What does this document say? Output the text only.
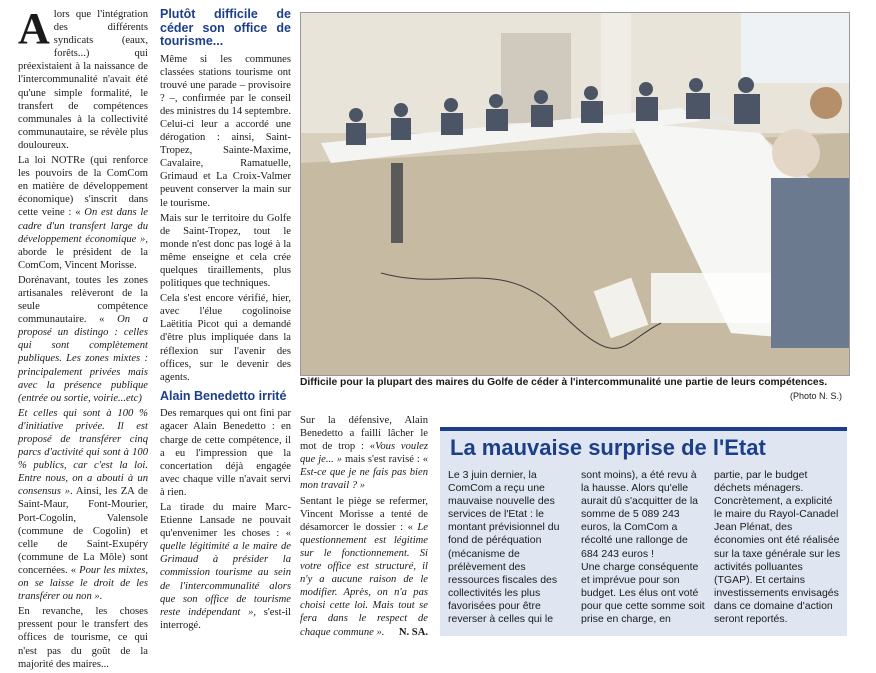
Alors que l'intégration des différents syndicats (eaux, forêts...) qui préexistaient à la naissance de l'intercommunalité n'avait été qu'une simple formalité, le transfert de compétences communales à la collectivité communautaire, se révèle plus douloureux.

La loi NOTRe (qui renforce les pouvoirs de la ComCom en matière de développement économique) s'inscrit dans cette veine : « On est dans le cadre d'un transfert large du développement économique », aborde le président de la ComCom, Vincent Morisse.

Dorénavant, toutes les zones artisanales relèveront de la seule compétence communautaire. « On a proposé un distingo : celles qui sont complètement publiques. Les zones mixtes : principalement privées mais avec la présence publique (entrée ou sortie, voirie...etc)

Et celles qui sont à 100 % d'initiative privée. Il est proposé de transférer cinq parcs d'activité qui sont à 100 % publics, car c'est la loi. Entre nous, on a abouti à un consensus ». Ainsi, les ZA de Saint-Maur, Font-Mourier, Port-Cogolin, Valensole (commune de Cogolin) et celle de Saint-Exupéry (commune de La Môle) sont concernées. « Pour les mixtes, on se laisse le droit de les transférer ou non ».

En revanche, les choses pressent pour le transfert des offices de tourisme, ce qui n'est pas du goût de la majorité des maires...

Plutôt difficile de céder son office de tourisme...

Même si les communes classées stations tourisme ont trouvé une parade – provisoire ? –, confirmée par le conseil des ministres du 14 septembre. Celui-ci leur a accordé une dérogation : ainsi, Saint-Tropez, Sainte-Maxime, Cavalaire, Ramatuelle, Grimaud et La Croix-Valmer peuvent conserver la main sur le tourisme.

Mais sur le territoire du Golfe de Saint-Tropez, tout le monde n'est donc pas logé à la même enseigne et cela crée quelques tiraillements, plus politiques que techniques.

Cela s'est encore vérifié, hier, avec l'élue cogolinoise Laëtitia Picot qui a demandé d'être plus impliquée dans la réflexion sur l'avenir des offices, sur le devenir des agents.

Alain Benedetto irrité

Des remarques qui ont fini par agacer Alain Benedetto : en charge de cette compétence, il a eu l'impression que la concertation déjà engagée avec chaque ville n'avait servi à rien.

La tirade du maire Marc-Etienne Lansade ne pouvait qu'envenimer les choses : « quelle légitimité a le maire de Grimaud à présider la commission tourisme au sein de l'intercommunalité alors que son office de tourisme reste indépendant », s'est-il interrogé.

Difficile pour la plupart des maires du Golfe de céder à l'intercommunalité une partie de leurs compétences.
(Photo N. S.)

Sur la défensive, Alain Benedetto a failli lâcher le mot de trop : «Vous voulez que je... » mais s'est ravisé : « Est-ce que je ne fais pas bien mon travail ? »

Sentant le piège se refermer, Vincent Morisse a tenté de désamorcer le dossier : « Le questionnement est légitime sur le fonctionnement. Si votre office est structuré, il n'y a aucune raison de le modifier. Après, on n'a pas choisi cette loi. Mais tout se fera dans le respect de chaque commune ». N. SA.

La mauvaise surprise de l'Etat

Le 3 juin dernier, la ComCom a reçu une mauvaise nouvelle des services de l'Etat : le montant prévisionnel du fond de péréquation (mécanisme de prélèvement des ressources fiscales des collectivités les plus favorisées pour être reverser à celles qui le

sont moins), a été revu à la hausse. Alors qu'elle aurait dû s'acquitter de la somme de 5 089 243 euros, la ComCom a récolté une rallonge de 684 243 euros !

Une charge conséquente et imprévue pour son budget. Les élus ont voté pour que cette somme soit prise en charge, en

partie, par le budget déchets ménagers. Concrètement, a explicité le maire du Rayol-Canadel Jean Plénat, des économies ont été réalisée sur la taxe générale sur les activités polluantes (TGAP). Et certains investissements envisagés dans ce domaine d'action seront reportés.
